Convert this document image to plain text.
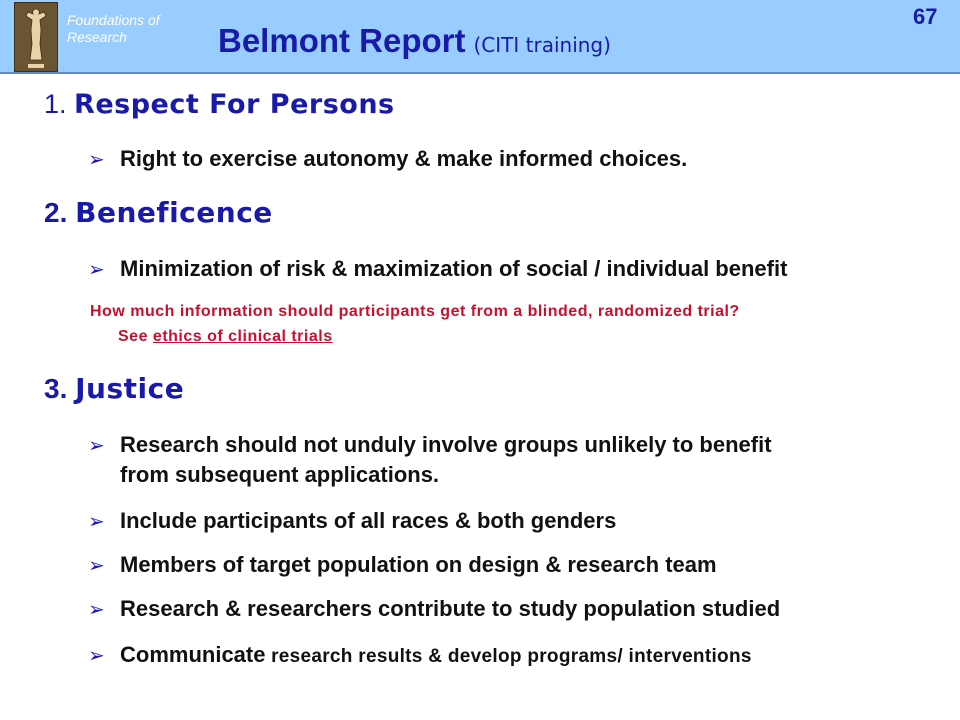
Foundations of
Research	Belmont Report (CITI training)
67
1. Respect For Persons
➢ Right to exercise autonomy & make informed choices.
2. Beneficence
➢ Minimization of risk & maximization of social / individual benefit
How much information should participants get from a blinded, randomized trial?
See ethics of clinical trials
3. Justice
➢ Research should not unduly involve groups unlikely to benefit
from subsequent applications.
➢ Include participants of all races & both genders
➢ Members of target population on design & research team
➢ Research & researchers contribute to study population studied
➢ Communicate research results & develop programs/ interventions
